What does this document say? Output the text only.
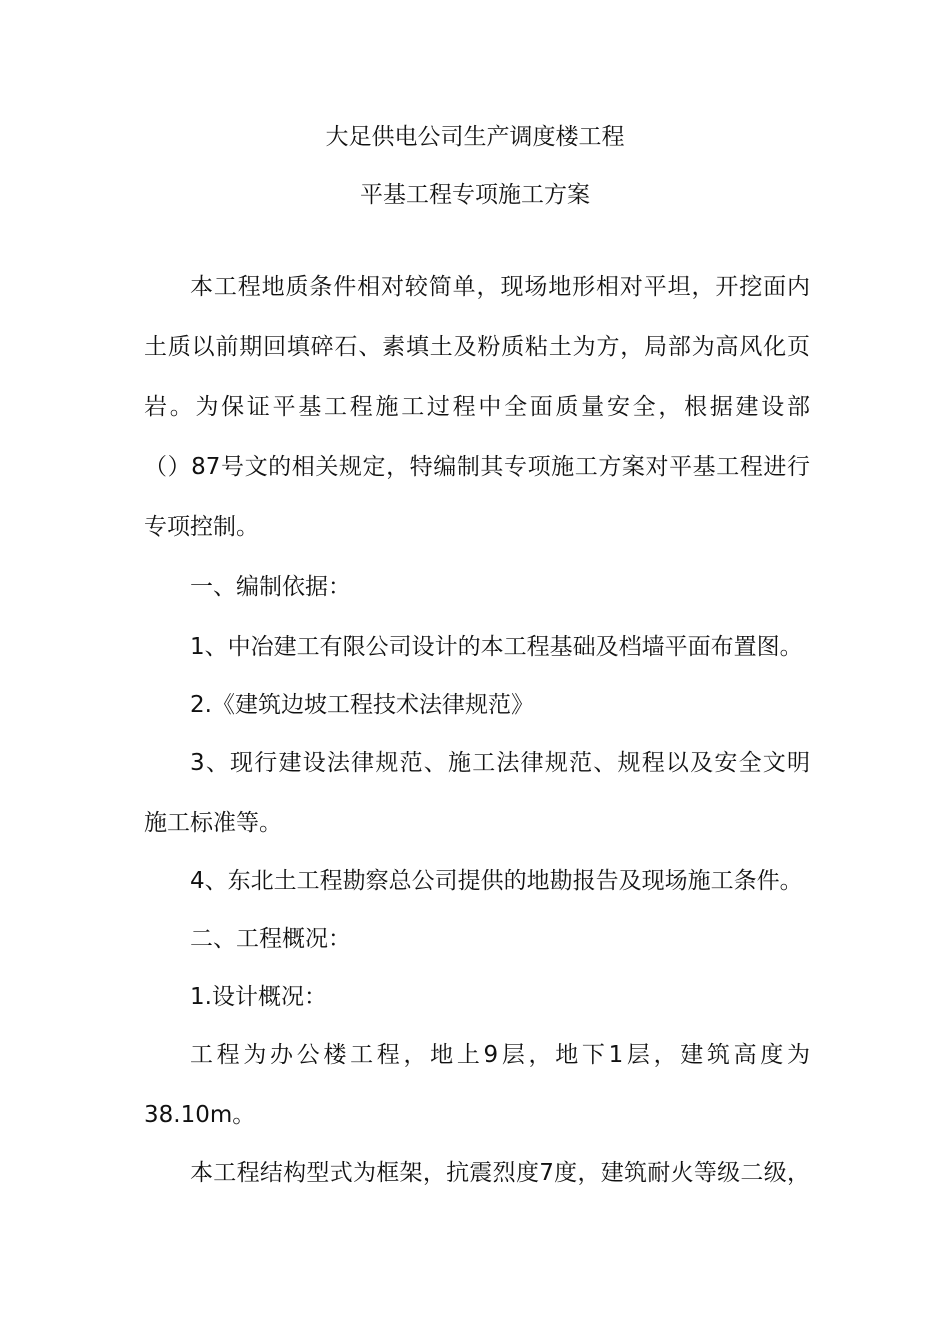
大足供电公司生产调度楼工程
平基工程专项施工方案
本工程地质条件相对较简单，现场地形相对平坦，开挖面内
土质以前期回填碎石、素填土及粉质粘土为方，局部为高风化页
岩。为保证平基工程施工过程中全面质量安全，根据建设部
（）87号文的相关规定，特编制其专项施工方案对平基工程进行
专项控制。
一、编制依据：
1、中冶建工有限公司设计的本工程基础及档墙平面布置图。
2.《建筑边坡工程技术法律规范》
3、现行建设法律规范、施工法律规范、规程以及安全文明
施工标准等。
4、东北土工程勘察总公司提供的地勘报告及现场施工条件。
二、工程概况：
1.设计概况：
工程为办公楼工程，地上9层，地下1层，建筑高度为
38.10m。
本工程结构型式为框架，抗震烈度7度，建筑耐火等级二级，
